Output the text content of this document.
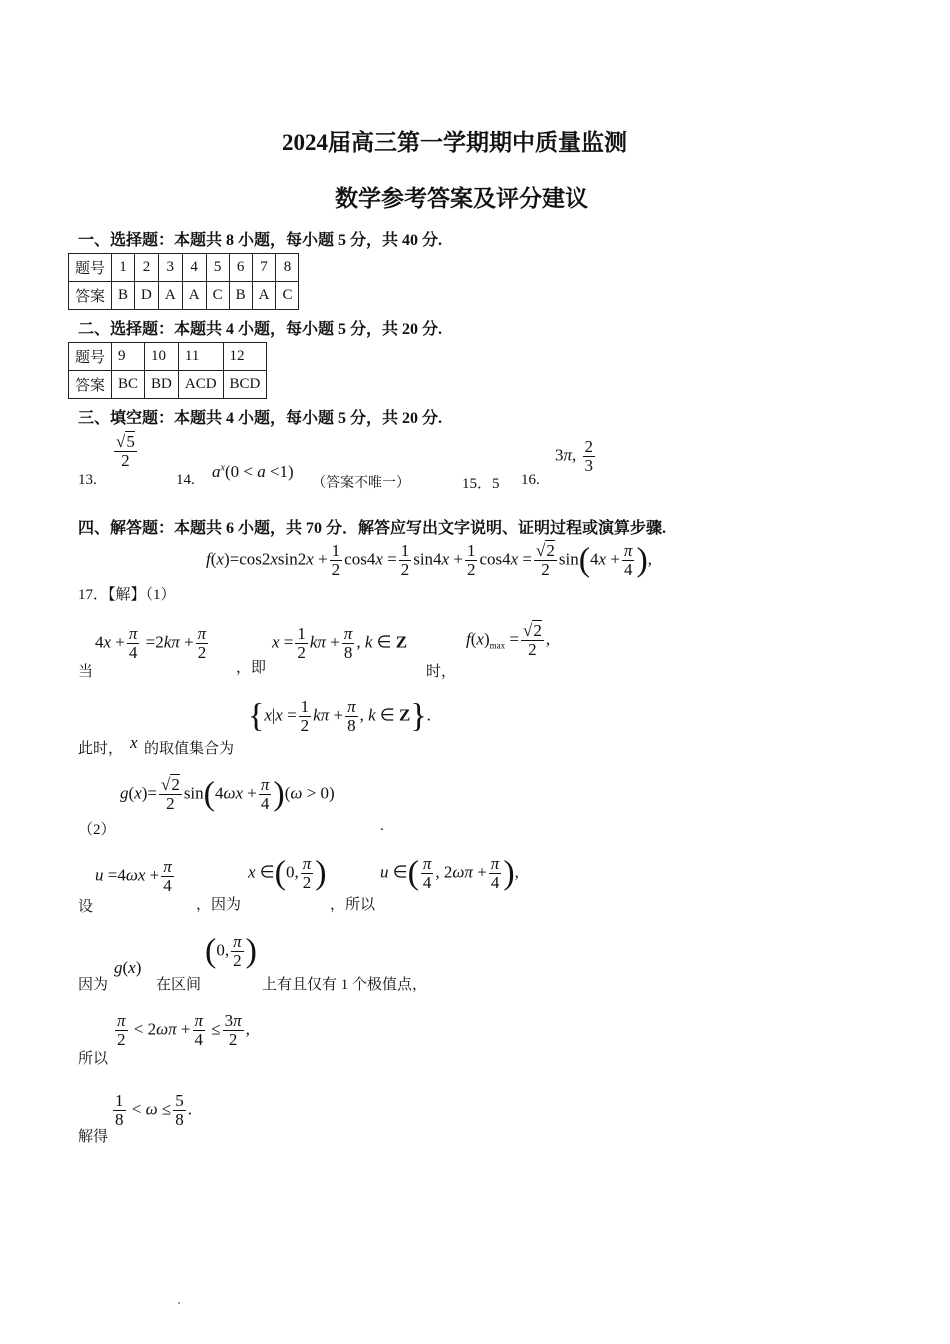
2024届高三第一学期期中质量监测
数学参考答案及评分建议
一、选择题：本题共 8 小题，每小题 5 分，共 40 分.
题号	1	2	3	4	5	6	7	8
答案	B	D	A	A	C	B	A	C
二、选择题：本题共 4 小题，每小题 5 分，共 20 分.
题号	9	10	11	12
答案	BC	BD	ACD	BCD
三、填空题：本题共 4 小题，每小题 5 分，共 20 分.
13.
$\frac{√5}{2}$
14. $a^x(0 < a <1)$
（答案不唯一）	15．5 16.
3π, $\frac{2}{3}$
四、解答题：本题共 6 小题，共 70 分．解答应写出文字说明、证明过程或演算步骤.
$f(x)=\cos 2xsin2x + \frac{1}{2} \cos 4x = \frac{1}{2} \sin 4x + \frac{1}{2} \cos 4x = \frac{√2}{2} \sin(4x + \frac{\pi}{4}$ ),
17．【解】（1）
当
$4x + \frac{\pi}{4} =2k\pi + \frac{\pi}{2}$
，即
$x = \frac{1}{2}$ $k\pi + \frac{\pi}{8}$ , k ∈ Z
时，
$f(x)_{max} = \frac{√2}{2}$ ,
此时， x 的取值集合为
{$x|x = \frac{1}{2}$ $k\pi + \frac{\pi}{8}$ , k ∈ Z}.
$g(x)= \frac{√2}{2} \sin(4\omega x + \frac{\pi}{4} )(\omega > 0)$
（2）	.
设
$u =4\omega x + \frac{\pi}{4}$
，因为
x ∈(0, $\frac{\pi}{2}$ )
，所以
u ∈( $\frac{\pi}{4}$ , $2\omega\pi + \frac{\pi}{4}$ ),
因为
g(x)
在区间
(0, $\frac{\pi}{2}$ )
上有且仅有 1 个极值点，
所以
$\frac{\pi}{2} < 2\omega\pi + \frac{\pi}{4} \le \frac{3\pi}{2}$ ,
解得
$\frac{1}{8} < \omega \le \frac{5}{8}$ .
